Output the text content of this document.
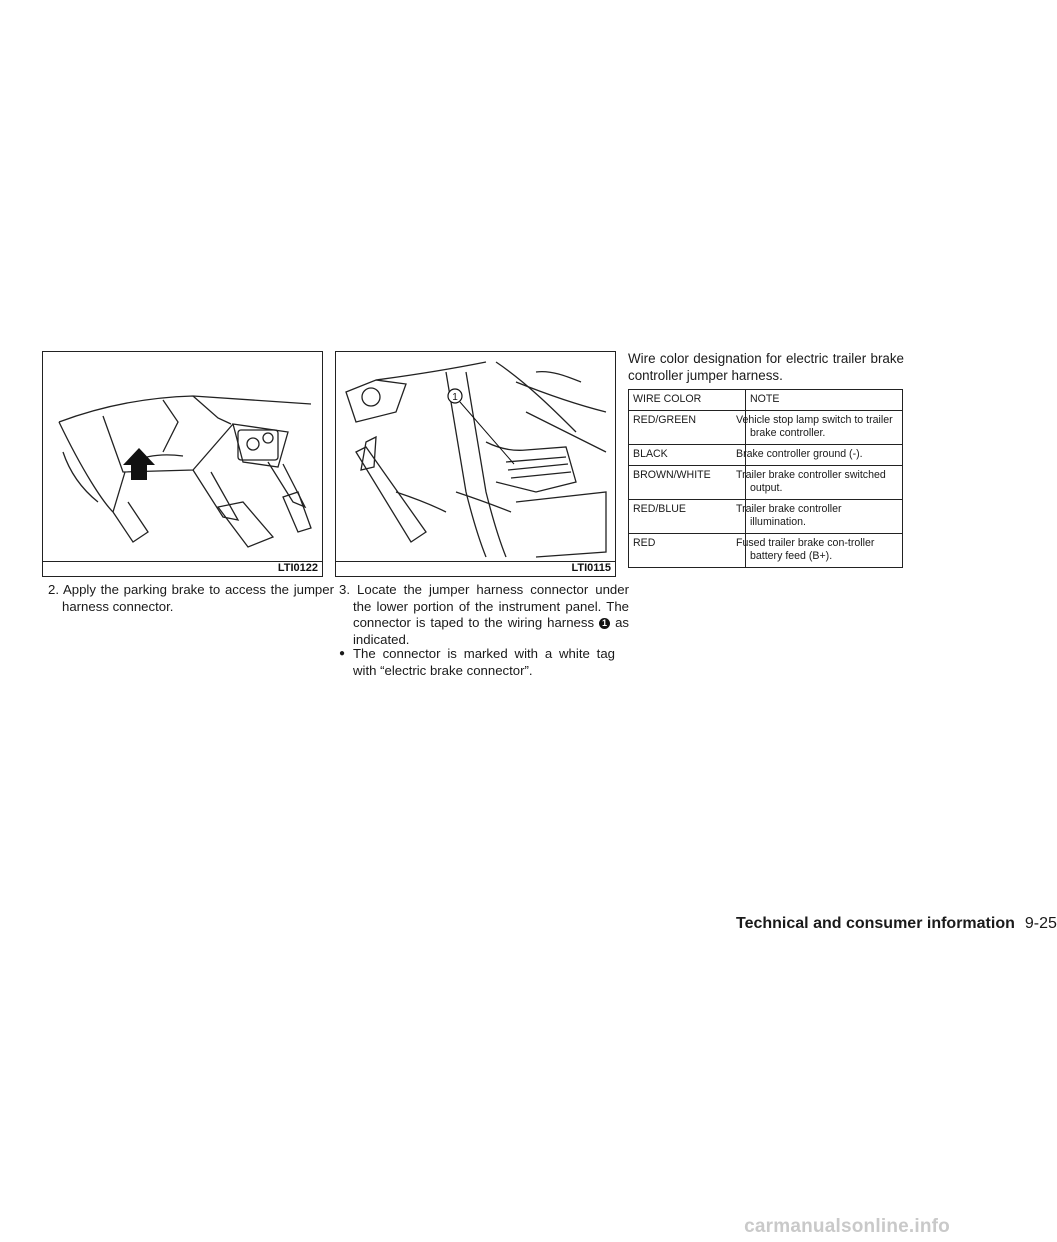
LTI0122
1
LTI0115
2. Apply the parking brake to access the jumper harness connector.
3. Locate the jumper harness connector under the lower portion of the instrument panel. The connector is taped to the wiring harness 1 as indicated.
● The connector is marked with a white tag with “electric brake connector”.
Wire color designation for electric trailer brake controller jumper harness.
WIRE COLOR	NOTE
RED/GREEN	Vehicle stop lamp switch to trailer brake controller.
BLACK	Brake controller ground (-).
BROWN/WHITE	Trailer brake controller switched output.
RED/BLUE	Trailer brake controller illumination.
RED	Fused trailer brake con-troller battery feed (B+).
Technical and consumer information 9-25
carmanualsonline.info
